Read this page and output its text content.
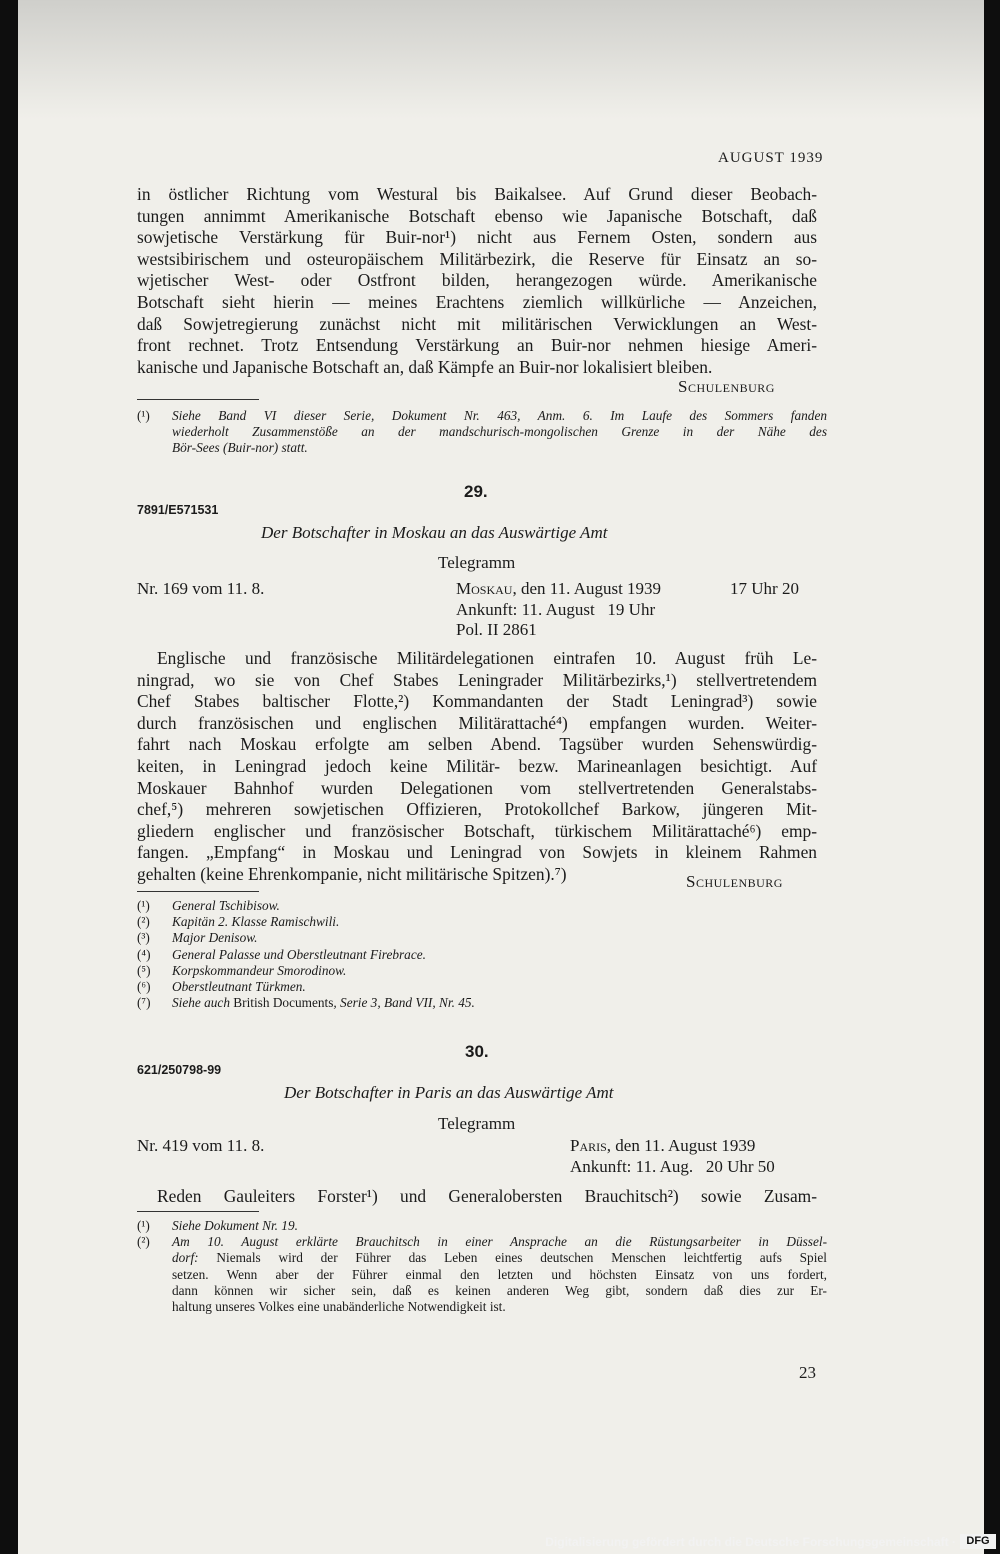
AUGUST 1939
in östlicher Richtung vom Westural bis Baikalsee. Auf Grund dieser Beobach-
tungen annimmt Amerikanische Botschaft ebenso wie Japanische Botschaft, daß
sowjetische Verstärkung für Buir-nor¹) nicht aus Fernem Osten, sondern aus
westsibirischem und osteuropäischem Militärbezirk, die Reserve für Einsatz an so-
wjetischer West- oder Ostfront bilden, herangezogen würde. Amerikanische
Botschaft sieht hierin — meines Erachtens ziemlich willkürliche — Anzeichen,
daß Sowjetregierung zunächst nicht mit militärischen Verwicklungen an West-
front rechnet. Trotz Entsendung Verstärkung an Buir-nor nehmen hiesige Ameri-
kanische und Japanische Botschaft an, daß Kämpfe an Buir-nor lokalisiert bleiben.
Schulenburg
(¹)	Siehe Band VI dieser Serie, Dokument Nr. 463, Anm. 6. Im Laufe des Sommers fanden
wiederholt Zusammenstöße an der mandschurisch-mongolischen Grenze in der Nähe des
Bör-Sees (Buir-nor) statt.
29.
7891/E571531
Der Botschafter in Moskau an das Auswärtige Amt
Telegramm
Nr. 169 vom 11. 8.	Moskau, den 11. August 1939	17 Uhr 20
Ankunft: 11. August   19 Uhr
Pol. II 2861
Englische und französische Militärdelegationen eintrafen 10. August früh Le-
ningrad, wo sie von Chef Stabes Leningrader Militärbezirks,¹) stellvertretendem
Chef Stabes baltischer Flotte,²) Kommandanten der Stadt Leningrad³) sowie
durch französischen und englischen Militärattaché⁴) empfangen wurden. Weiter-
fahrt nach Moskau erfolgte am selben Abend. Tagsüber wurden Sehenswürdig-
keiten, in Leningrad jedoch keine Militär- bezw. Marineanlagen besichtigt. Auf
Moskauer Bahnhof wurden Delegationen vom stellvertretenden Generalstabs-
chef,⁵) mehreren sowjetischen Offizieren, Protokollchef Barkow, jüngeren Mit-
gliedern englischer und französischer Botschaft, türkischem Militärattaché⁶) emp-
fangen. „Empfang“ in Moskau und Leningrad von Sowjets in kleinem Rahmen
gehalten (keine Ehrenkompanie, nicht militärische Spitzen).⁷)	Schulenburg
(¹)	General Tschibisow.
(²)	Kapitän 2. Klasse Ramischwili.
(³)	Major Denisow.
(⁴)	General Palasse und Oberstleutnant Firebrace.
(⁵)	Korpskommandeur Smorodinow.
(⁶)	Oberstleutnant Türkmen.
(⁷)	Siehe auch British Documents, Serie 3, Band VII, Nr. 45.
30.
621/250798-99
Der Botschafter in Paris an das Auswärtige Amt
Telegramm
Nr. 419 vom 11. 8.	Paris, den 11. August 1939
Ankunft: 11. Aug.   20 Uhr 50
Reden Gauleiters Forster¹) und Generalobersten Brauchitsch²) sowie Zusam-
(¹)	Siehe Dokument Nr. 19.
(²)	Am 10. August erklärte Brauchitsch in einer Ansprache an die Rüstungsarbeiter in Düssel-
dorf: Niemals wird der Führer das Leben eines deutschen Menschen leichtfertig aufs Spiel
setzen. Wenn aber der Führer einmal den letzten und höchsten Einsatz von uns fordert,
dann können wir sicher sein, daß es keinen anderen Weg gibt, sondern daß dies zur Er-
haltung unseres Volkes eine unabänderliche Notwendigkeit ist.
23
Digitalisierung gefördert durch die Deutsche Forschungsgemeinschaft · DFG
